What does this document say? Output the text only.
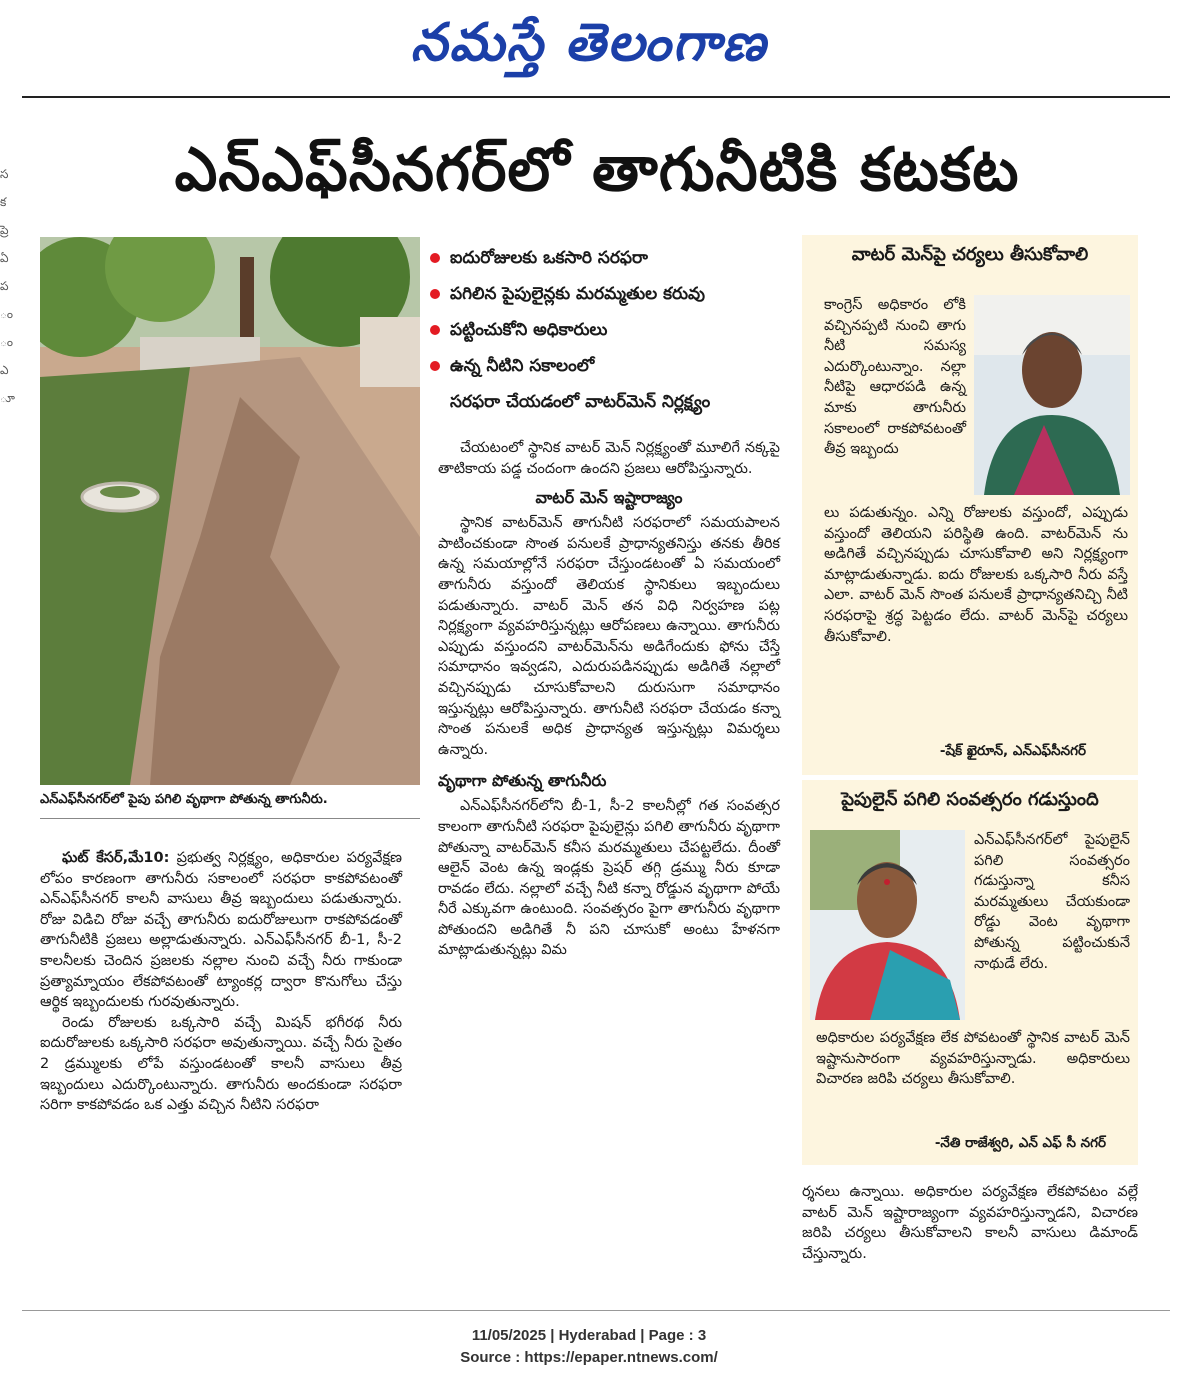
స
క
ప్రె
ఏ
ప
ం
ం
ఎ
ూ
నమస్తే తెలంగాణ
ఎన్‌ఎఫ్‌సీనగర్‌లో తాగునీటికి కటకట
ఎన్ఎఫ్‌సీనగర్‌లో పైపు పగిలి వృథాగా పోతున్న తాగునీరు.
ఐదురోజులకు ఒకసారి సరఫరా
పగిలిన పైపులైన్లకు మరమ్మతుల కరువు
పట్టించుకోని అధికారులు
ఉన్న నీటిని సకాలంలో
సరఫరా చేయడంలో వాటర్‌మెన్ నిర్లక్ష్యం

ఘట్ కేసర్,మే10: ప్రభుత్వ నిర్లక్ష్యం, అధికారుల పర్యవేక్షణ లోపం కారణంగా తాగునీరు సకాలంలో సరఫరా కాకపోవటంతో ఎన్ఎఫ్‌సీనగర్ కాలనీ వాసులు తీవ్ర ఇబ్బందులు పడుతున్నారు. రోజు విడిచి రోజు వచ్చే తాగునీరు ఐదురోజులుగా రాకపోవడంతో తాగునీటికి ప్రజలు అల్లాడుతున్నారు. ఎన్ఎఫ్‌సీనగర్ బీ-1, సీ-2 కాలనీలకు చెందిన ప్రజలకు నల్లాల నుంచి వచ్చే నీరు గాకుండా ప్రత్యామ్నాయం లేకపోవటంతో ట్యాంకర్ల ద్వారా కొనుగోలు చేస్తు ఆర్థిక ఇబ్బందులకు గురవుతున్నారు.

రెండు రోజులకు ఒక్కసారి వచ్చే మిషన్ భగీరథ నీరు ఐదురోజులకు ఒక్కసారి సరఫరా అవుతున్నాయి. వచ్చే నీరు సైతం 2 డ్రమ్ములకు లోపే వస్తుండటంతో కాలనీ వాసులు తీవ్ర ఇబ్బందులు ఎదుర్కొంటున్నారు. తాగునీరు అందకుండా సరఫరా సరిగా కాకపోవడం ఒక ఎత్తు వచ్చిన నీటిని సరఫరా

చేయటంలో స్థానిక వాటర్ మెన్ నిర్లక్ష్యంతో మూలిగే నక్కపై తాటికాయ పడ్డ చందంగా ఉందని ప్రజలు ఆరోపిస్తున్నారు.

వాటర్ మెన్ ఇష్టారాజ్యం

స్థానిక వాటర్‌మెన్ తాగునీటి సరఫరాలో సమయపాలన పాటించకుండా సొంత పనులకే ప్రాధాన్యతనిస్తు తనకు తీరిక ఉన్న సమయాల్లోనే సరఫరా చేస్తుండటంతో ఏ సమయంలో తాగునీరు వస్తుందో తెలియక స్థానికులు ఇబ్బందులు పడుతున్నారు. వాటర్ మెన్ తన విధి నిర్వహణ పట్ల నిర్లక్ష్యంగా వ్యవహరిస్తున్నట్లు ఆరోపణలు ఉన్నాయి. తాగునీరు ఎప్పుడు వస్తుందని వాటర్‌మెన్‌ను అడిగేందుకు ఫోను చేస్తే సమాధానం ఇవ్వడని, ఎదురుపడినప్పుడు అడిగితే నల్లాలో వచ్చినప్పుడు చూసుకోవాలని దురుసుగా సమాధానం ఇస్తున్నట్లు ఆరోపిస్తున్నారు. తాగునీటి సరఫరా చేయడం కన్నా సొంత పనులకే అధిక ప్రాధాన్యత ఇస్తున్నట్లు విమర్శలు ఉన్నారు.

వృథాగా పోతున్న తాగునీరు

ఎన్ఎఫ్‌సీనగర్‌లోని బీ-1, సీ-2 కాలనీల్లో గత సంవత్సర కాలంగా తాగునీటి సరఫరా పైపులైన్లు పగిలి తాగునీరు వృథాగా పోతున్నా వాటర్‌మెన్ కనీస మరమ్మతులు చేపట్టలేదు. దీంతో ఆలైన్ వెంట ఉన్న ఇండ్లకు ప్రెషర్ తగ్గి డ్రమ్ము నీరు కూడా రావడం లేదు. నల్లాలో వచ్చే నీటి కన్నా రోడ్డున వృథాగా పోయే నీరే ఎక్కువగా ఉంటుంది. సంవత్సరం పైగా తాగునీరు వృథాగా పోతుందని అడిగితే నీ పని చూసుకో అంటు హేళనగా మాట్లాడుతున్నట్లు విమ

వాటర్ మెన్‌పై చర్యలు తీసుకోవాలి
కాంగ్రెస్ అధికారం లోకి వచ్చినప్పటి నుంచి తాగు నీటి సమస్య ఎదుర్కొంటున్నాం. నల్లా నీటిపై ఆధారపడి ఉన్న మాకు తాగునీరు సకాలంలో రాకపోవటంతో తీవ్ర ఇబ్బందు
లు పడుతున్నం. ఎన్ని రోజులకు వస్తుందో, ఎప్పుడు వస్తుందో తెలియని పరిస్థితి ఉంది. వాటర్‌మెన్ ను అడిగితే వచ్చినప్పుడు చూసుకోవాలి అని నిర్లక్ష్యంగా మాట్లాడుతున్నాడు. ఐదు రోజులకు ఒక్కసారి నీరు వస్తే ఎలా. వాటర్ మెన్ సొంత పనులకే ప్రాధాన్యతనిచ్చి నీటి సరఫరాపై శ్రద్ధ పెట్టడం లేదు. వాటర్ మెన్‌పై చర్యలు తీసుకోవాలి.
-షేక్ ఖైరూన్, ఎన్ఎఫ్‌సీనగర్
పైపులైన్ పగిలి సంవత్సరం గడుస్తుంది
ఎన్ఎఫ్‌సీనగర్‌లో పైపులైన్ పగిలి సంవత్సరం గడుస్తున్నా కనీస మరమ్మతులు చేయకుండా రోడ్డు వెంట వృథాగా పోతున్న పట్టించుకునే నాథుడే లేరు.
అధికారుల పర్యవేక్షణ లేక పోవటంతో స్థానిక వాటర్ మెన్ ఇష్టానుసారంగా వ్యవహరిస్తున్నాడు. అధికారులు విచారణ జరిపి చర్యలు తీసుకోవాలి.
-నేతి రాజేశ్వరి, ఎన్ ఎఫ్ సీ నగర్
ర్శనలు ఉన్నాయి. అధికారుల పర్యవేక్షణ లేకపోవటం వల్లే వాటర్ మెన్ ఇష్టారాజ్యంగా వ్యవహరిస్తున్నాడని, విచారణ జరిపి చర్యలు తీసుకోవాలని కాలనీ వాసులు డిమాండ్ చేస్తున్నారు.
11/05/2025 | Hyderabad | Page : 3
Source : https://epaper.ntnews.com/
